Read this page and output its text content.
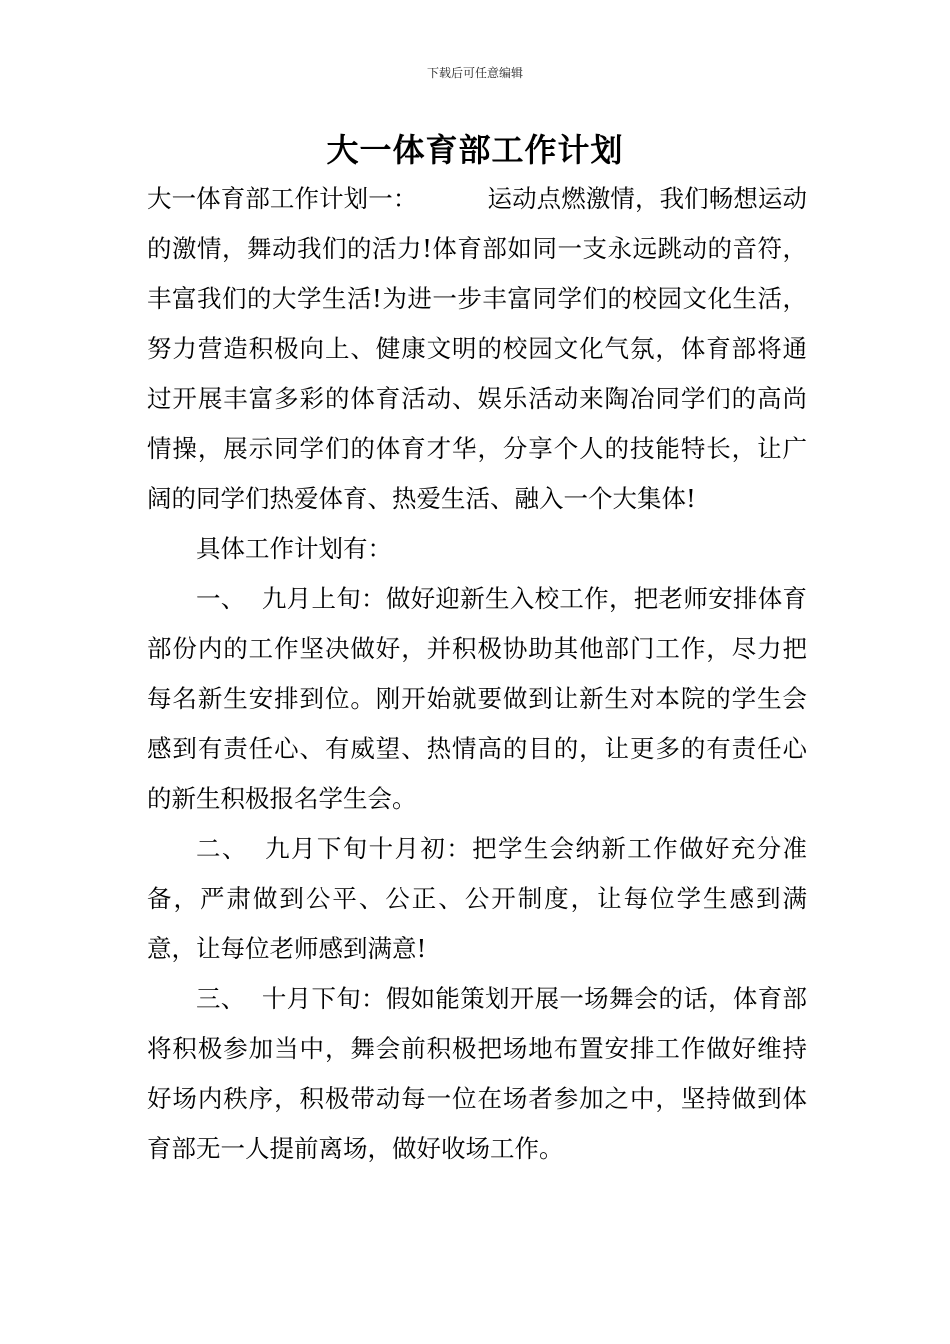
下载后可任意编辑
大一体育部工作计划

大一体育部工作计划一：	运动点燃激情，我们畅想运动的激情，舞动我们的活力!体育部如同一支永远跳动的音符，丰富我们的大学生活!为进一步丰富同学们的校园文化生活，努力营造积极向上、健康文明的校园文化气氛，体育部将通过开展丰富多彩的体育活动、娱乐活动来陶冶同学们的高尚情操，展示同学们的体育才华，分享个人的技能特长，让广阔的同学们热爱体育、热爱生活、融入一个大集体!

具体工作计划有：

一、 九月上旬：做好迎新生入校工作，把老师安排体育部份内的工作坚决做好，并积极协助其他部门工作，尽力把每名新生安排到位。刚开始就要做到让新生对本院的学生会感到有责任心、有威望、热情高的目的，让更多的有责任心的新生积极报名学生会。

二、 九月下旬十月初：把学生会纳新工作做好充分准备，严肃做到公平、公正、公开制度，让每位学生感到满意，让每位老师感到满意!

三、 十月下旬：假如能策划开展一场舞会的话，体育部将积极参加当中，舞会前积极把场地布置安排工作做好维持好场内秩序，积极带动每一位在场者参加之中，坚持做到体育部无一人提前离场，做好收场工作。
